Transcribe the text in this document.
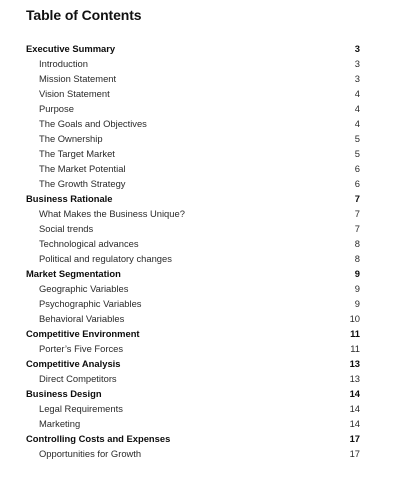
Table of Contents
Executive Summary	3
Introduction	3
Mission Statement	3
Vision Statement	4
Purpose	4
The Goals and Objectives	4
The Ownership	5
The Target Market	5
The Market Potential	6
The Growth Strategy	6
Business Rationale	7
What Makes the Business Unique?	7
Social trends	7
Technological advances	8
Political and regulatory changes	8
Market Segmentation	9
Geographic Variables	9
Psychographic Variables	9
Behavioral Variables	10
Competitive Environment	11
Porter’s Five Forces	11
Competitive Analysis	13
Direct Competitors	13
Business Design	14
Legal Requirements	14
Marketing	14
Controlling Costs and Expenses	17
Opportunities for Growth	17
